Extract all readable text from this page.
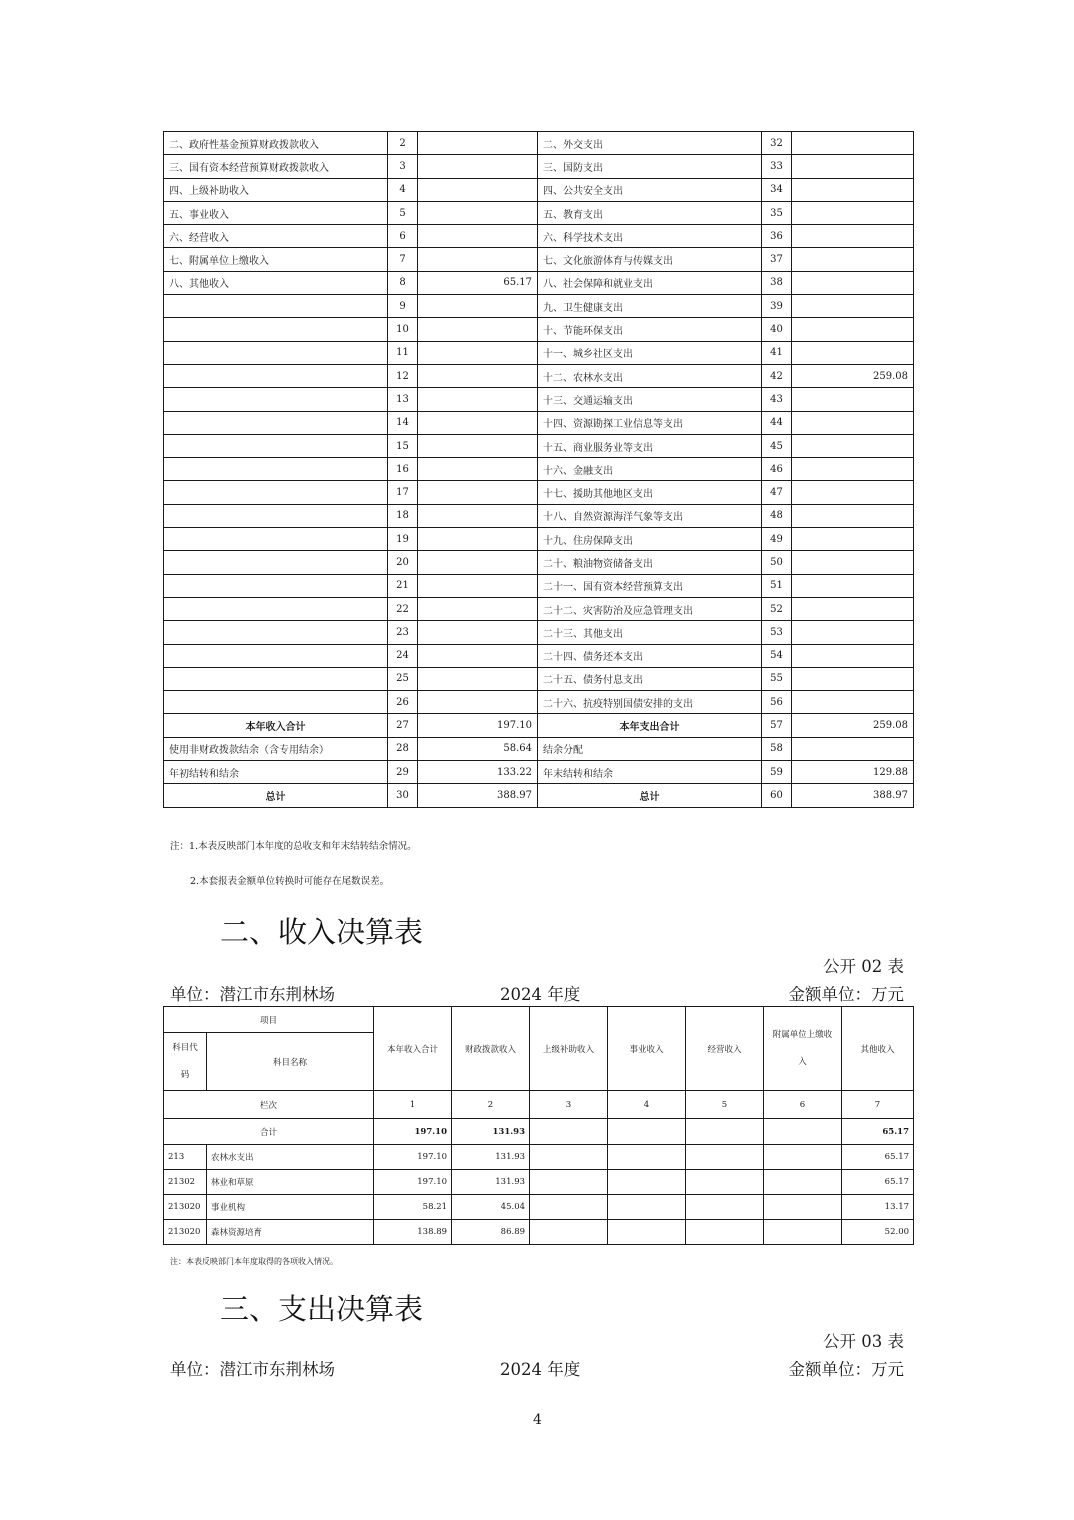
二、政府性基金预算财政拨款收入	2		二、外交支出	32	
三、国有资本经营预算财政拨款收入	3		三、国防支出	33	
四、上级补助收入	4		四、公共安全支出	34	
五、事业收入	5		五、教育支出	35	
六、经营收入	6		六、科学技术支出	36	
七、附属单位上缴收入	7		七、文化旅游体育与传媒支出	37	
八、其他收入	8	65.17	八、社会保障和就业支出	38	
	9		九、卫生健康支出	39	
	10		十、节能环保支出	40	
	11		十一、城乡社区支出	41	
	12		十二、农林水支出	42	259.08
	13		十三、交通运输支出	43	
	14		十四、资源勘探工业信息等支出	44	
	15		十五、商业服务业等支出	45	
	16		十六、金融支出	46	
	17		十七、援助其他地区支出	47	
	18		十八、自然资源海洋气象等支出	48	
	19		十九、住房保障支出	49	
	20		二十、粮油物资储备支出	50	
	21		二十一、国有资本经营预算支出	51	
	22		二十二、灾害防治及应急管理支出	52	
	23		二十三、其他支出	53	
	24		二十四、债务还本支出	54	
	25		二十五、债务付息支出	55	
	26		二十六、抗疫特别国债安排的支出	56	
本年收入合计	27	197.10	本年支出合计	57	259.08
使用非财政拨款结余（含专用结余）	28	58.64	结余分配	58	
年初结转和结余	29	133.22	年末结转和结余	59	129.88
总计	30	388.97	总计	60	388.97
注：1.本表反映部门本年度的总收支和年末结转结余情况。
2.本套报表金额单位转换时可能存在尾数误差。
二、收入决算表
公开 02 表
单位：潜江市东荆林场	2024 年度	金额单位：万元
项目		本年收入合计	财政拨款收入	上级补助收入	事业收入	经营收入	附属单位上缴收入	其他收入
科目代码	科目名称							
栏次		1	2	3	4	5	6	7
合计		197.10	131.93					65.17
213	农林水支出	197.10	131.93					65.17
21302	林业和草原	197.10	131.93					65.17
213020	事业机构	58.21	45.04					13.17
213020	森林资源培育	138.89	86.89					52.00
注：本表反映部门本年度取得的各项收入情况。
三、支出决算表
公开 03 表
单位：潜江市东荆林场	2024 年度	金额单位：万元
4
